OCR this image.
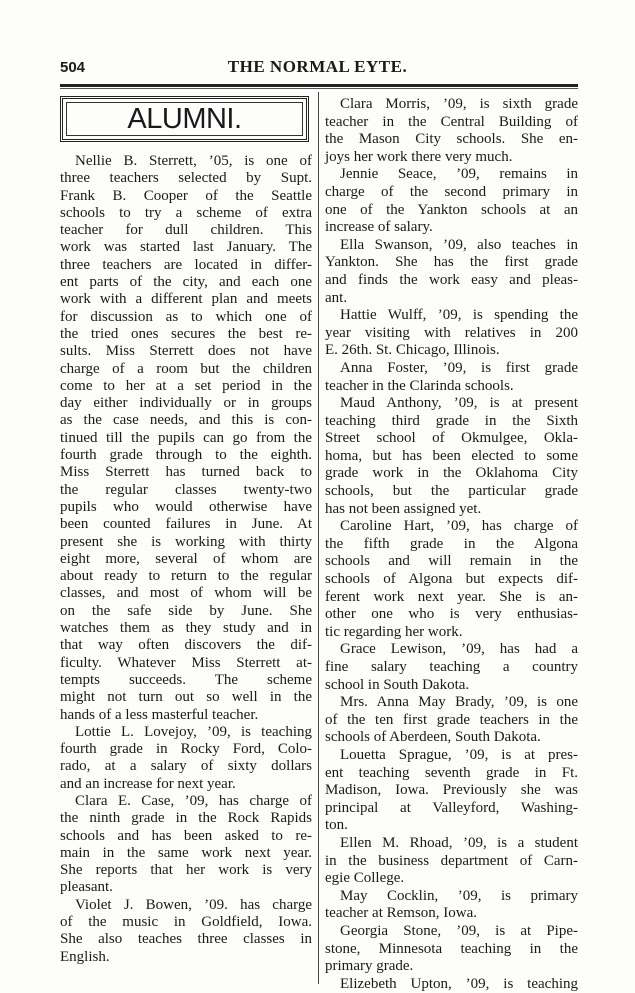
504	THE NORMAL EYTE.
ALUMNI.
Nellie B. Sterrett, ’05, is one of
three teachers selected by Supt.
Frank B. Cooper of the Seattle
schools to try a scheme of extra
teacher for dull children. This
work was started last January. The
three teachers are located in differ-
ent parts of the city, and each one
work with a different plan and meets
for discussion as to which one of
the tried ones secures the best re-
sults. Miss Sterrett does not have
charge of a room but the children
come to her at a set period in the
day either individually or in groups
as the case needs, and this is con-
tinued till the pupils can go from the
fourth grade through to the eighth.
Miss Sterrett has turned back to
the regular classes twenty-two
pupils who would otherwise have
been counted failures in June. At
present she is working with thirty
eight more, several of whom are
about ready to return to the regular
classes, and most of whom will be
on the safe side by June. She
watches them as they study and in
that way often discovers the dif-
ficulty. Whatever Miss Sterrett at-
tempts succeeds. The scheme
might not turn out so well in the
hands of a less masterful teacher.
Lottie L. Lovejoy, ’09, is teaching
fourth grade in Rocky Ford, Colo-
rado, at a salary of sixty dollars
and an increase for next year.
Clara E. Case, ’09, has charge of
the ninth grade in the Rock Rapids
schools and has been asked to re-
main in the same work next year.
She reports that her work is very
pleasant.
Violet J. Bowen, ’09. has charge
of the music in Goldfield, Iowa.
She also teaches three classes in
English.
Clara Morris, ’09, is sixth grade
teacher in the Central Building of
the Mason City schools. She en-
joys her work there very much.
Jennie Seace, ’09, remains in
charge of the second primary in
one of the Yankton schools at an
increase of salary.
Ella Swanson, ’09, also teaches in
Yankton. She has the first grade
and finds the work easy and pleas-
ant.
Hattie Wulff, ’09, is spending the
year visiting with relatives in 200
E. 26th. St. Chicago, Illinois.
Anna Foster, ’09, is first grade
teacher in the Clarinda schools.
Maud Anthony, ’09, is at present
teaching third grade in the Sixth
Street school of Okmulgee, Okla-
homa, but has been elected to some
grade work in the Oklahoma City
schools, but the particular grade
has not been assigned yet.
Caroline Hart, ’09, has charge of
the fifth grade in the Algona
schools and will remain in the
schools of Algona but expects dif-
ferent work next year. She is an-
other one who is very enthusias-
tic regarding her work.
Grace Lewison, ’09, has had a
fine salary teaching a country
school in South Dakota.
Mrs. Anna May Brady, ’09, is one
of the ten first grade teachers in the
schools of Aberdeen, South Dakota.
Louetta Sprague, ’09, is at pres-
ent teaching seventh grade in Ft.
Madison, Iowa. Previously she was
principal at Valleyford, Washing-
ton.
Ellen M. Rhoad, ’09, is a student
in the business department of Carn-
egie College.
May Cocklin, ’09, is primary
teacher at Remson, Iowa.
Georgia Stone, ’09, is at Pipe-
stone, Minnesota teaching in the
primary grade.
Elizebeth Upton, ’09, is teaching
